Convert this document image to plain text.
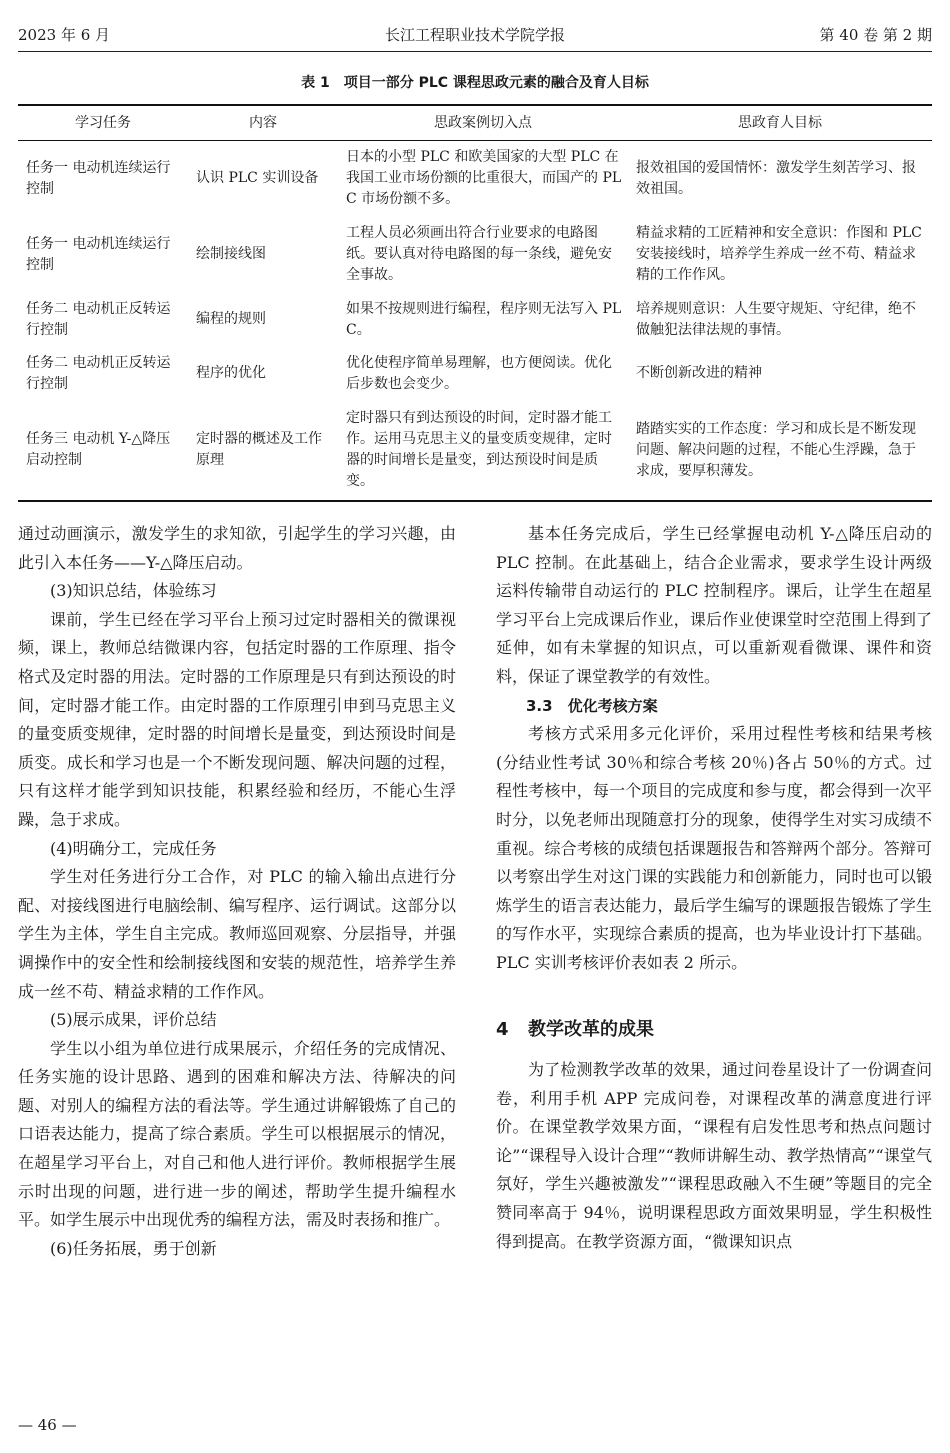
2023 年 6 月	长江工程职业技术学院学报	第 40 卷 第 2 期
表 1　项目一部分 PLC 课程思政元素的融合及育人目标
学习任务	内容	思政案例切入点	思政育人目标
任务一 电动机连续运行控制	认识 PLC 实训设备	日本的小型 PLC 和欧美国家的大型 PLC 在我国工业市场份额的比重很大，而国产的 PLC 市场份额不多。	报效祖国的爱国情怀：激发学生刻苦学习、报效祖国。
任务一 电动机连续运行控制	绘制接线图	工程人员必须画出符合行业要求的电路图纸。要认真对待电路图的每一条线，避免安全事故。	精益求精的工匠精神和安全意识：作图和 PLC 安装接线时，培养学生养成一丝不苟、精益求精的工作作风。
任务二 电动机正反转运行控制	编程的规则	如果不按规则进行编程，程序则无法写入 PLC。	培养规则意识：人生要守规矩、守纪律，绝不做触犯法律法规的事情。
任务二 电动机正反转运行控制	程序的优化	优化使程序简单易理解，也方便阅读。优化后步数也会变少。	不断创新改进的精神
任务三 电动机 Y-△降压启动控制	定时器的概述及工作原理	定时器只有到达预设的时间，定时器才能工作。运用马克思主义的量变质变规律，定时器的时间增长是量变，到达预设时间是质变。	踏踏实实的工作态度：学习和成长是不断发现问题、解决问题的过程，不能心生浮躁，急于求成，要厚积薄发。

通过动画演示，激发学生的求知欲，引起学生的学习兴趣，由此引入本任务——Y-△降压启动。

(3)知识总结，体验练习

课前，学生已经在学习平台上预习过定时器相关的微课视频，课上，教师总结微课内容，包括定时器的工作原理、指令格式及定时器的用法。定时器的工作原理是只有到达预设的时间，定时器才能工作。由定时器的工作原理引申到马克思主义的量变质变规律，定时器的时间增长是量变，到达预设时间是质变。成长和学习也是一个不断发现问题、解决问题的过程，只有这样才能学到知识技能，积累经验和经历，不能心生浮躁，急于求成。

(4)明确分工，完成任务

学生对任务进行分工合作，对 PLC 的输入输出点进行分配、对接线图进行电脑绘制、编写程序、运行调试。这部分以学生为主体，学生自主完成。教师巡回观察、分层指导，并强调操作中的安全性和绘制接线图和安装的规范性，培养学生养成一丝不苟、精益求精的工作作风。

(5)展示成果，评价总结

学生以小组为单位进行成果展示，介绍任务的完成情况、任务实施的设计思路、遇到的困难和解决方法、待解决的问题、对别人的编程方法的看法等。学生通过讲解锻炼了自己的口语表达能力，提高了综合素质。学生可以根据展示的情况，在超星学习平台上，对自己和他人进行评价。教师根据学生展示时出现的问题，进行进一步的阐述，帮助学生提升编程水平。如学生展示中出现优秀的编程方法，需及时表扬和推广。

(6)任务拓展，勇于创新

基本任务完成后，学生已经掌握电动机 Y-△降压启动的 PLC 控制。在此基础上，结合企业需求，要求学生设计两级运料传输带自动运行的 PLC 控制程序。课后，让学生在超星学习平台上完成课后作业，课后作业使课堂时空范围上得到了延伸，如有未掌握的知识点，可以重新观看微课、课件和资料，保证了课堂教学的有效性。

3.3　优化考核方案

考核方式采用多元化评价，采用过程性考核和结果考核(分结业性考试 30％和综合考核 20％)各占 50％的方式。过程性考核中，每一个项目的完成度和参与度，都会得到一次平时分，以免老师出现随意打分的现象，使得学生对实习成绩不重视。综合考核的成绩包括课题报告和答辩两个部分。答辩可以考察出学生对这门课的实践能力和创新能力，同时也可以锻炼学生的语言表达能力，最后学生编写的课题报告锻炼了学生的写作水平，实现综合素质的提高，也为毕业设计打下基础。PLC 实训考核评价表如表 2 所示。

4 教学改革的成果

为了检测教学改革的效果，通过问卷星设计了一份调查问卷，利用手机 APP 完成问卷，对课程改革的满意度进行评价。在课堂教学效果方面，“课程有启发性思考和热点问题讨论”“课程导入设计合理”“教师讲解生动、教学热情高”“课堂气氛好，学生兴趣被激发”“课程思政融入不生硬”等题目的完全赞同率高于 94％，说明课程思政方面效果明显，学生积极性得到提高。在教学资源方面，“微课知识点

— 46 —
